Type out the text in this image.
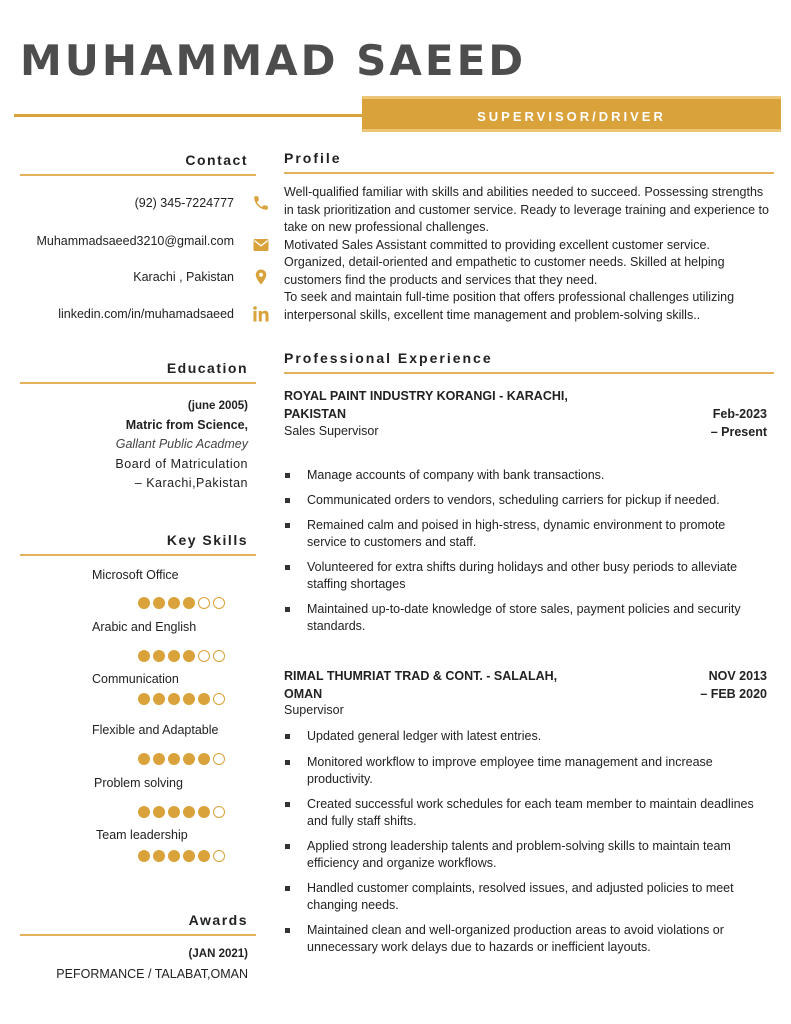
MUHAMMAD SAEED
SUPERVISOR/DRIVER
Contact
(92) 345-7224777
Muhammadsaeed3210@gmail.com
Karachi , Pakistan
linkedin.com/in/muhamadsaeed
Education
(june 2005)
Matric from Science,
Gallant Public Acadmey
Board of Matriculation
– Karachi,Pakistan
Key Skills
Microsoft Office
Arabic and English
Communication
Flexible and Adaptable
Problem solving
Team leadership
Awards
(JAN 2021)
PEFORMANCE / TALABAT,OMAN
Profile
Well-qualified familiar with skills and abilities needed to succeed. Possessing strengths in task prioritization and customer service. Ready to leverage training and experience to take on new professional challenges.
Motivated Sales Assistant committed to providing excellent customer service.
Organized, detail-oriented and empathetic to customer needs. Skilled at helping customers find the products and services that they need.
To seek and maintain full-time position that offers professional challenges utilizing interpersonal skills, excellent time management and problem-solving skills..
Professional Experience
ROYAL PAINT INDUSTRY KORANGI - KARACHI,
PAKISTAN	Feb-2023
– Present
Sales Supervisor
Manage accounts of company with bank transactions.
Communicated orders to vendors, scheduling carriers for pickup if needed.
Remained calm and poised in high-stress, dynamic environment to promote service to customers and staff.
Volunteered for extra shifts during holidays and other busy periods to alleviate staffing shortages
Maintained up-to-date knowledge of store sales, payment policies and security standards.
RIMAL THUMRIAT TRAD & CONT. - SALALAH,
OMAN
NOV 2013
– FEB 2020
Supervisor
Updated general ledger with latest entries.
Monitored workflow to improve employee time management and increase productivity.
Created successful work schedules for each team member to maintain deadlines and fully staff shifts.
Applied strong leadership talents and problem-solving skills to maintain team efficiency and organize workflows.
Handled customer complaints, resolved issues, and adjusted policies to meet changing needs.
Maintained clean and well-organized production areas to avoid violations or unnecessary work delays due to hazards or inefficient layouts.
